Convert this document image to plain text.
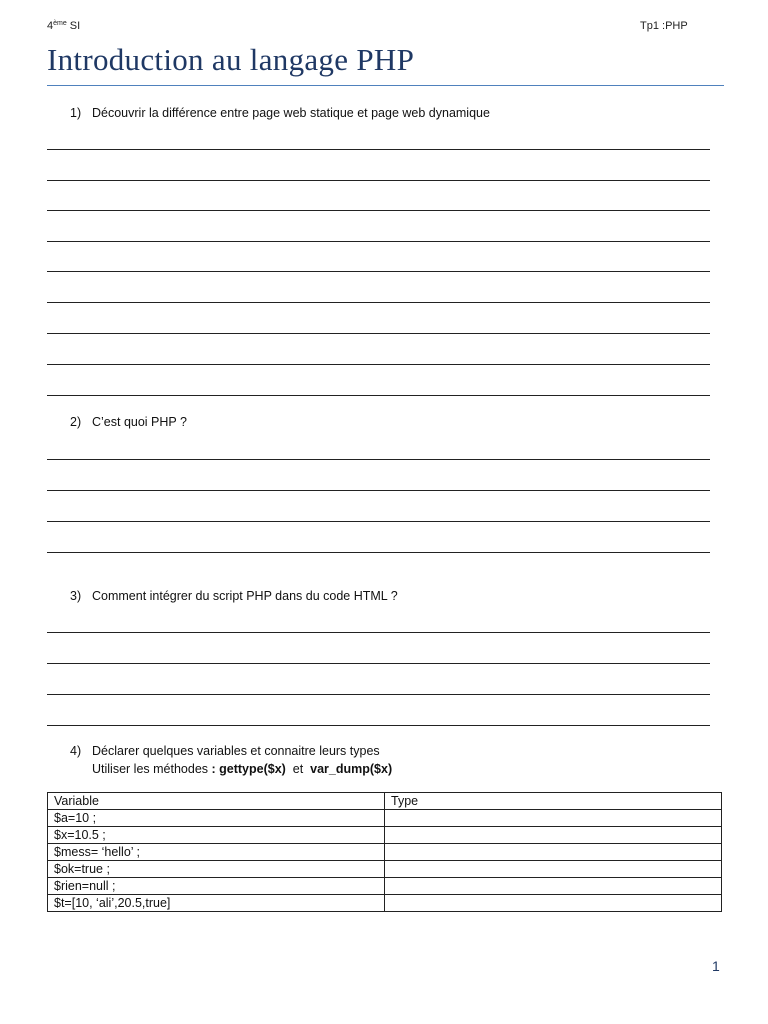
4ème SI	Tp1 :PHP
Introduction au langage PHP
1) Découvrir la différence entre page web statique et page web dynamique
2) C’est quoi PHP ?
3) Comment intégrer du script PHP dans du code HTML ?
4) Déclarer quelques variables et connaitre leurs types
Utiliser les méthodes : gettype($x)  et  var_dump($x)
Variable	Type
$a=10 ;	
$x=10.5 ;	
$mess= ‘hello’ ;	
$ok=true ;	
$rien=null ;	
$t=[10, ‘ali’,20.5,true]	
1
